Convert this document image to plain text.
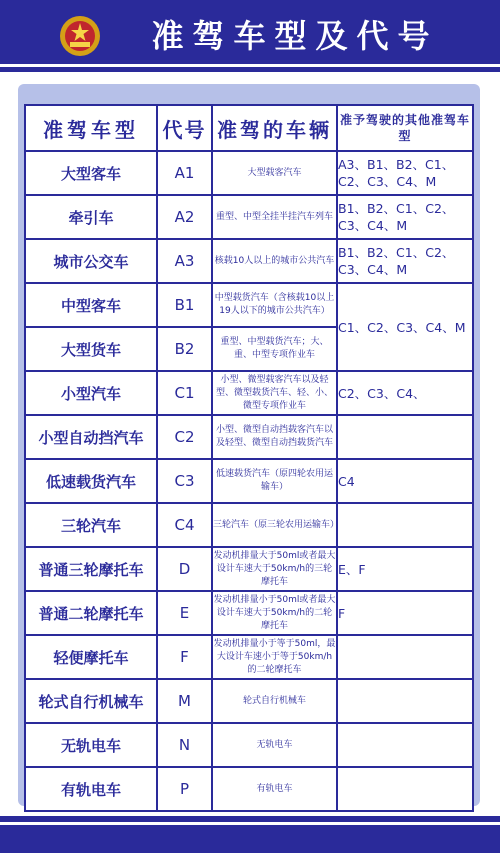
准驾车型及代号
准驾车型	代号	准驾的车辆	准予驾驶的其他准驾车型
大型客车	A1	大型载客汽车	A3、B1、B2、C1、C2、C3、C4、M
牵引车	A2	重型、中型全挂半挂汽车列车	B1、B2、C1、C2、C3、C4、M
城市公交车	A3	核载10人以上的城市公共汽车	B1、B2、C1、C2、C3、C4、M
中型客车	B1	中型载货汽车（含核载10以上19人以下的城市公共汽车）	C1、C2、C3、C4、M
大型货车	B2	重型、中型载货汽车；大、重、中型专项作业车	
小型汽车	C1	小型、微型载客汽车以及轻型、微型载货汽车、轻、小、微型专项作业车	C2、C3、C4、
小型自动挡汽车	C2	小型、微型自动挡载客汽车以及轻型、微型自动挡载货汽车	
低速载货汽车	C3	低速载货汽车（原四轮农用运输车）	C4
三轮汽车	C4	三轮汽车（原三轮农用运输车）	
普通三轮摩托车	D	发动机排量大于50ml或者最大设计车速大于50km/h的三轮摩托车	E、F
普通二轮摩托车	E	发动机排量小于50ml或者最大设计车速大于50km/h的二轮摩托车	F
轻便摩托车	F	发动机排量小于等于50ml，最大设计车速小于等于50km/h的二轮摩托车	
轮式自行机械车	M	轮式自行机械车	
无轨电车	N	无轨电车	
有轨电车	P	有轨电车	
